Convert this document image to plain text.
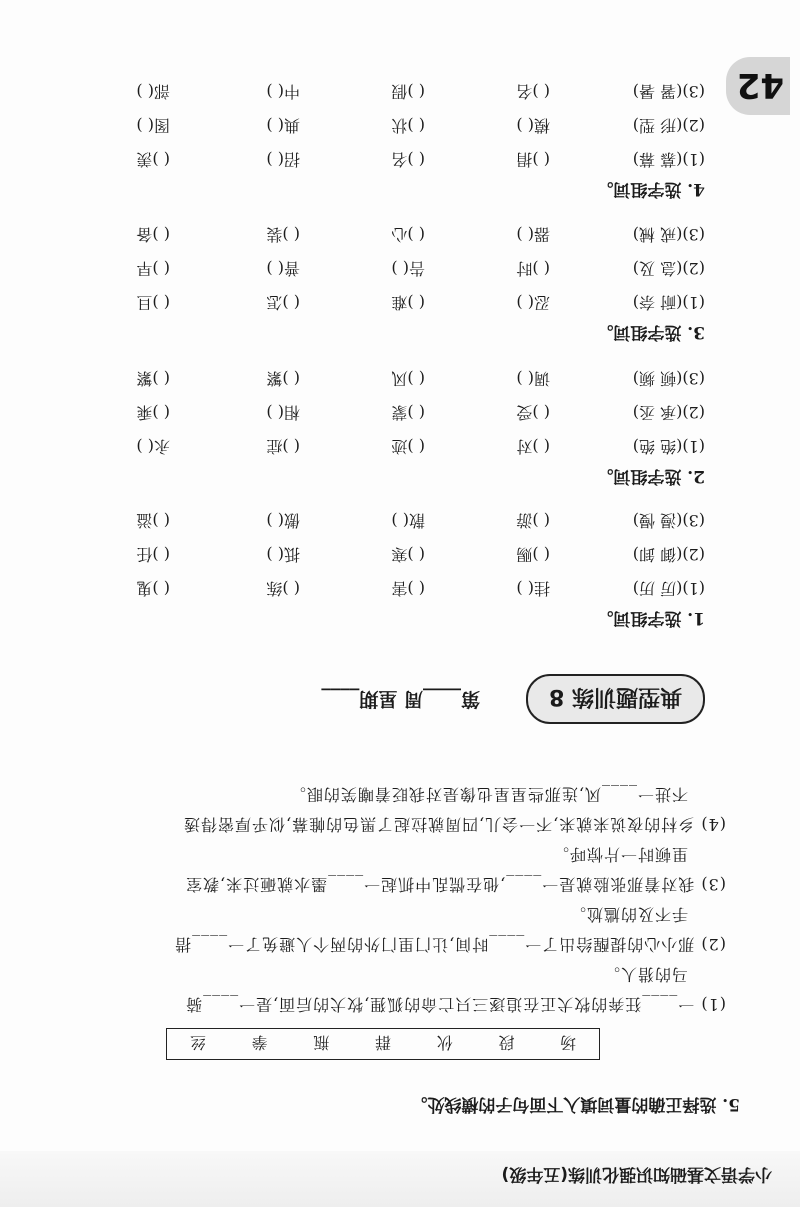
小学语文基础知识强化训练(五年级)
42
5. 选择正确的量词填入下面句子的横线处。
场
段
伙
群
瓶
拳
丝
(1) 一____狂奔的牧犬正在追逐三只亡命的狐狸,牧犬的后面,是一____骑
马的猎人。
(2) 那小心的提醒给出了一____时间,让门里门外的两个人避免了一____措
手不及的尴尬。
(3) 我对着那张脸就是一____,他在慌乱中抓起一____墨水就砸过来,教室
里顿时一片惊呼。
(4) 乡村的夜说来就来,不一会儿,四周就拉起了黑色的帷幕,似乎厚密得透
不进一____风,连那些星星也像是对我眨着嘲笑的眼。
第____周 星期____	典型题训练 8
1. 选字组词。
(1)(厉 历)
挂( )
( )害
( )练
( )鬼
(2)(御 卸)
( )赐
( )寒
抵( )
( )任
(3)(漫 慢)
( )游
散( )
傲( )
( )溢
2. 选字组词。
(1)(绝 绝)
( )对
( )迹
( )症
永( )
(2)(承 丞)
( )受
( )蒙
相( )
( )乘
(3)(顿 频)
调( )
( )风
( )繁
( )繁
3. 选字组词。
(1)(耐 奈)
忍( )
( )难
( )怎
( )旦
(2)(急 及)
( )时
告( )
普( )
( )早
(3)(戒 械)
器( )
( )心
( )装
( )备
4. 选字组词。
(1)(慕 幕)
( )捐
( )名
招( )
( )羡
(2)(形 型)
模( )
( )状
典( )
图( )
(3)(署 暑)
( )名
( )假
中( )
部( )
